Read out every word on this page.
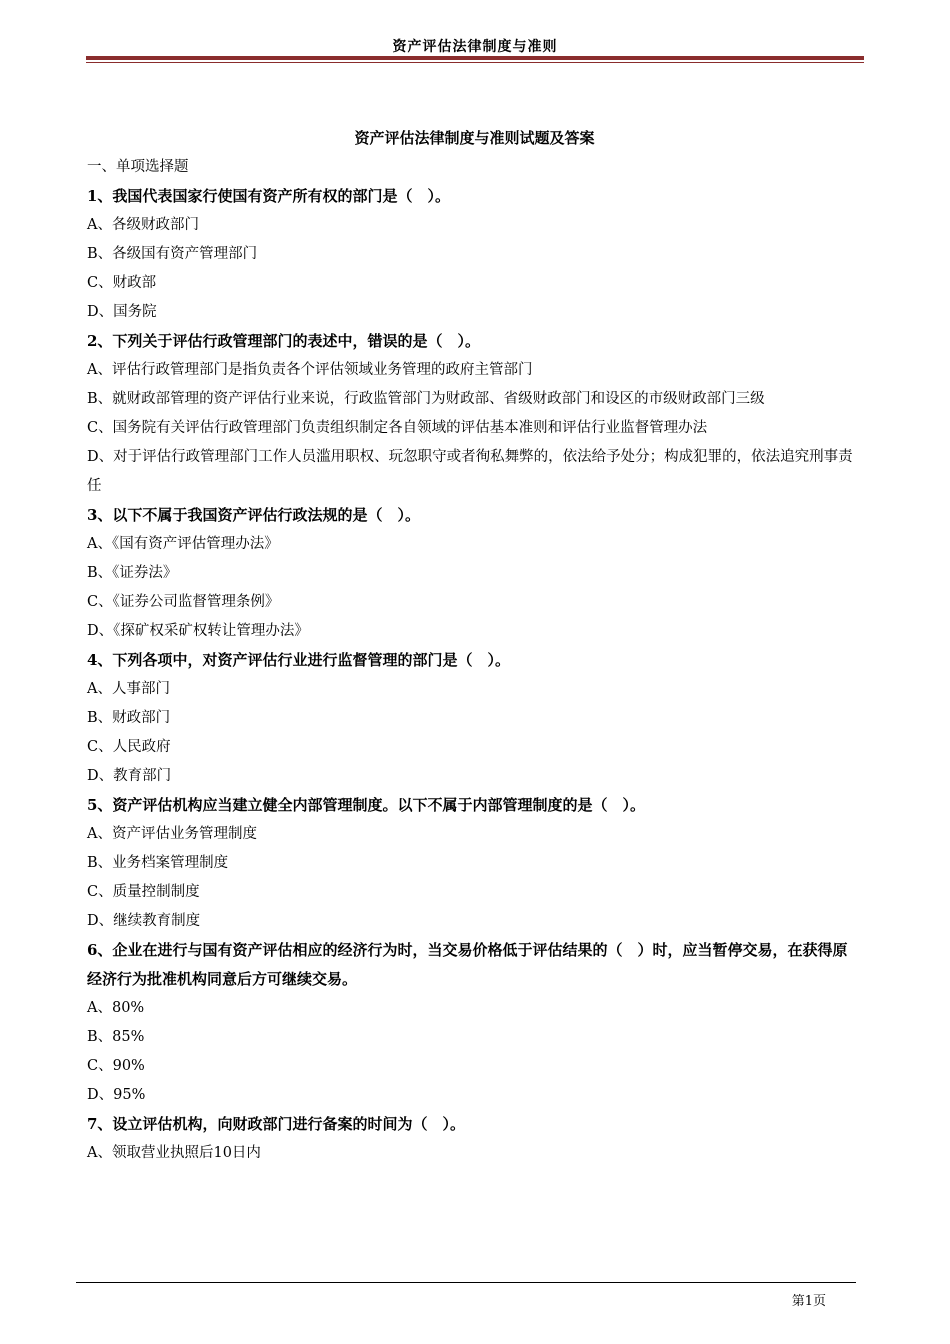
资产评估法律制度与准则

资产评估法律制度与准则试题及答案

一、单项选择题

1、我国代表国家行使国有资产所有权的部门是（　）。

A、各级财政部门

B、各级国有资产管理部门

C、财政部

D、国务院

2、下列关于评估行政管理部门的表述中，错误的是（　）。

A、评估行政管理部门是指负责各个评估领域业务管理的政府主管部门

B、就财政部管理的资产评估行业来说，行政监管部门为财政部、省级财政部门和设区的市级财政部门三级

C、国务院有关评估行政管理部门负责组织制定各自领域的评估基本准则和评估行业监督管理办法

D、对于评估行政管理部门工作人员滥用职权、玩忽职守或者徇私舞弊的，依法给予处分；构成犯罪的，依法追究刑事责任

3、以下不属于我国资产评估行政法规的是（　）。

A、《国有资产评估管理办法》

B、《证券法》

C、《证券公司监督管理条例》

D、《探矿权采矿权转让管理办法》

4、下列各项中，对资产评估行业进行监督管理的部门是（　）。

A、人事部门

B、财政部门

C、人民政府

D、教育部门

5、资产评估机构应当建立健全内部管理制度。以下不属于内部管理制度的是（　）。

A、资产评估业务管理制度

B、业务档案管理制度

C、质量控制制度

D、继续教育制度

6、企业在进行与国有资产评估相应的经济行为时，当交易价格低于评估结果的（　）时，应当暂停交易，在获得原经济行为批准机构同意后方可继续交易。

A、80%

B、85%

C、90%

D、95%

7、设立评估机构，向财政部门进行备案的时间为（　）。

A、领取营业执照后10日内

第1页
